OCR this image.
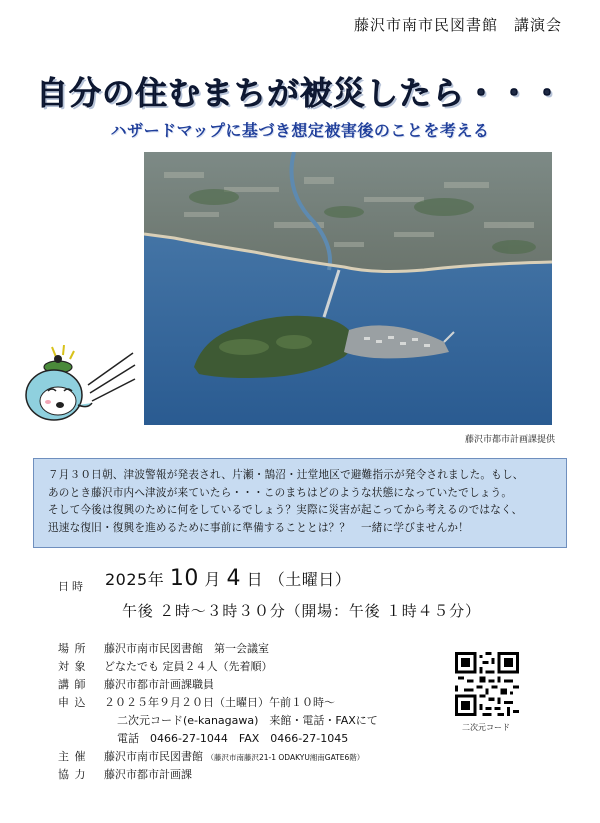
藤沢市南市民図書館　講演会
自分の住むまちが被災したら・・・
ハザードマップに基づき想定被害後のことを考える
藤沢市都市計画課提供

７月３０日朝、津波警報が発表され、片瀬・鵠沼・辻堂地区で避難指示が発令されました。もし、

あのとき藤沢市内へ津波が来ていたら・・・このまちはどのような状態になっていたでしょう。

そして今後は復興のために何をしているでしょう？実際に災害が起こってから考えるのではなく、

迅速な復旧・復興を進めるために事前に準備することとは？？　一緒に学びませんか！

日時 2025年 10 月 4 日 （土曜日）
午後 ２時～３時３０分（開場：午後 １時４５分）
場 所 藤沢市南市民図書館　第一会議室
対 象 どなたでも 定員２４人（先着順）
講 師 藤沢市都市計画課職員
申 込 ２０２５年９月２０日（土曜日）午前１０時～
二次元コード(e-kanagawa)　来館・電話・FAXにて
電話　0466-27-1044　FAX　0466-27-1045
主 催 藤沢市南市民図書館 （藤沢市南藤沢21-1 ODAKYU湘南GATE6階）
協 力 藤沢市都市計画課
二次元コード
